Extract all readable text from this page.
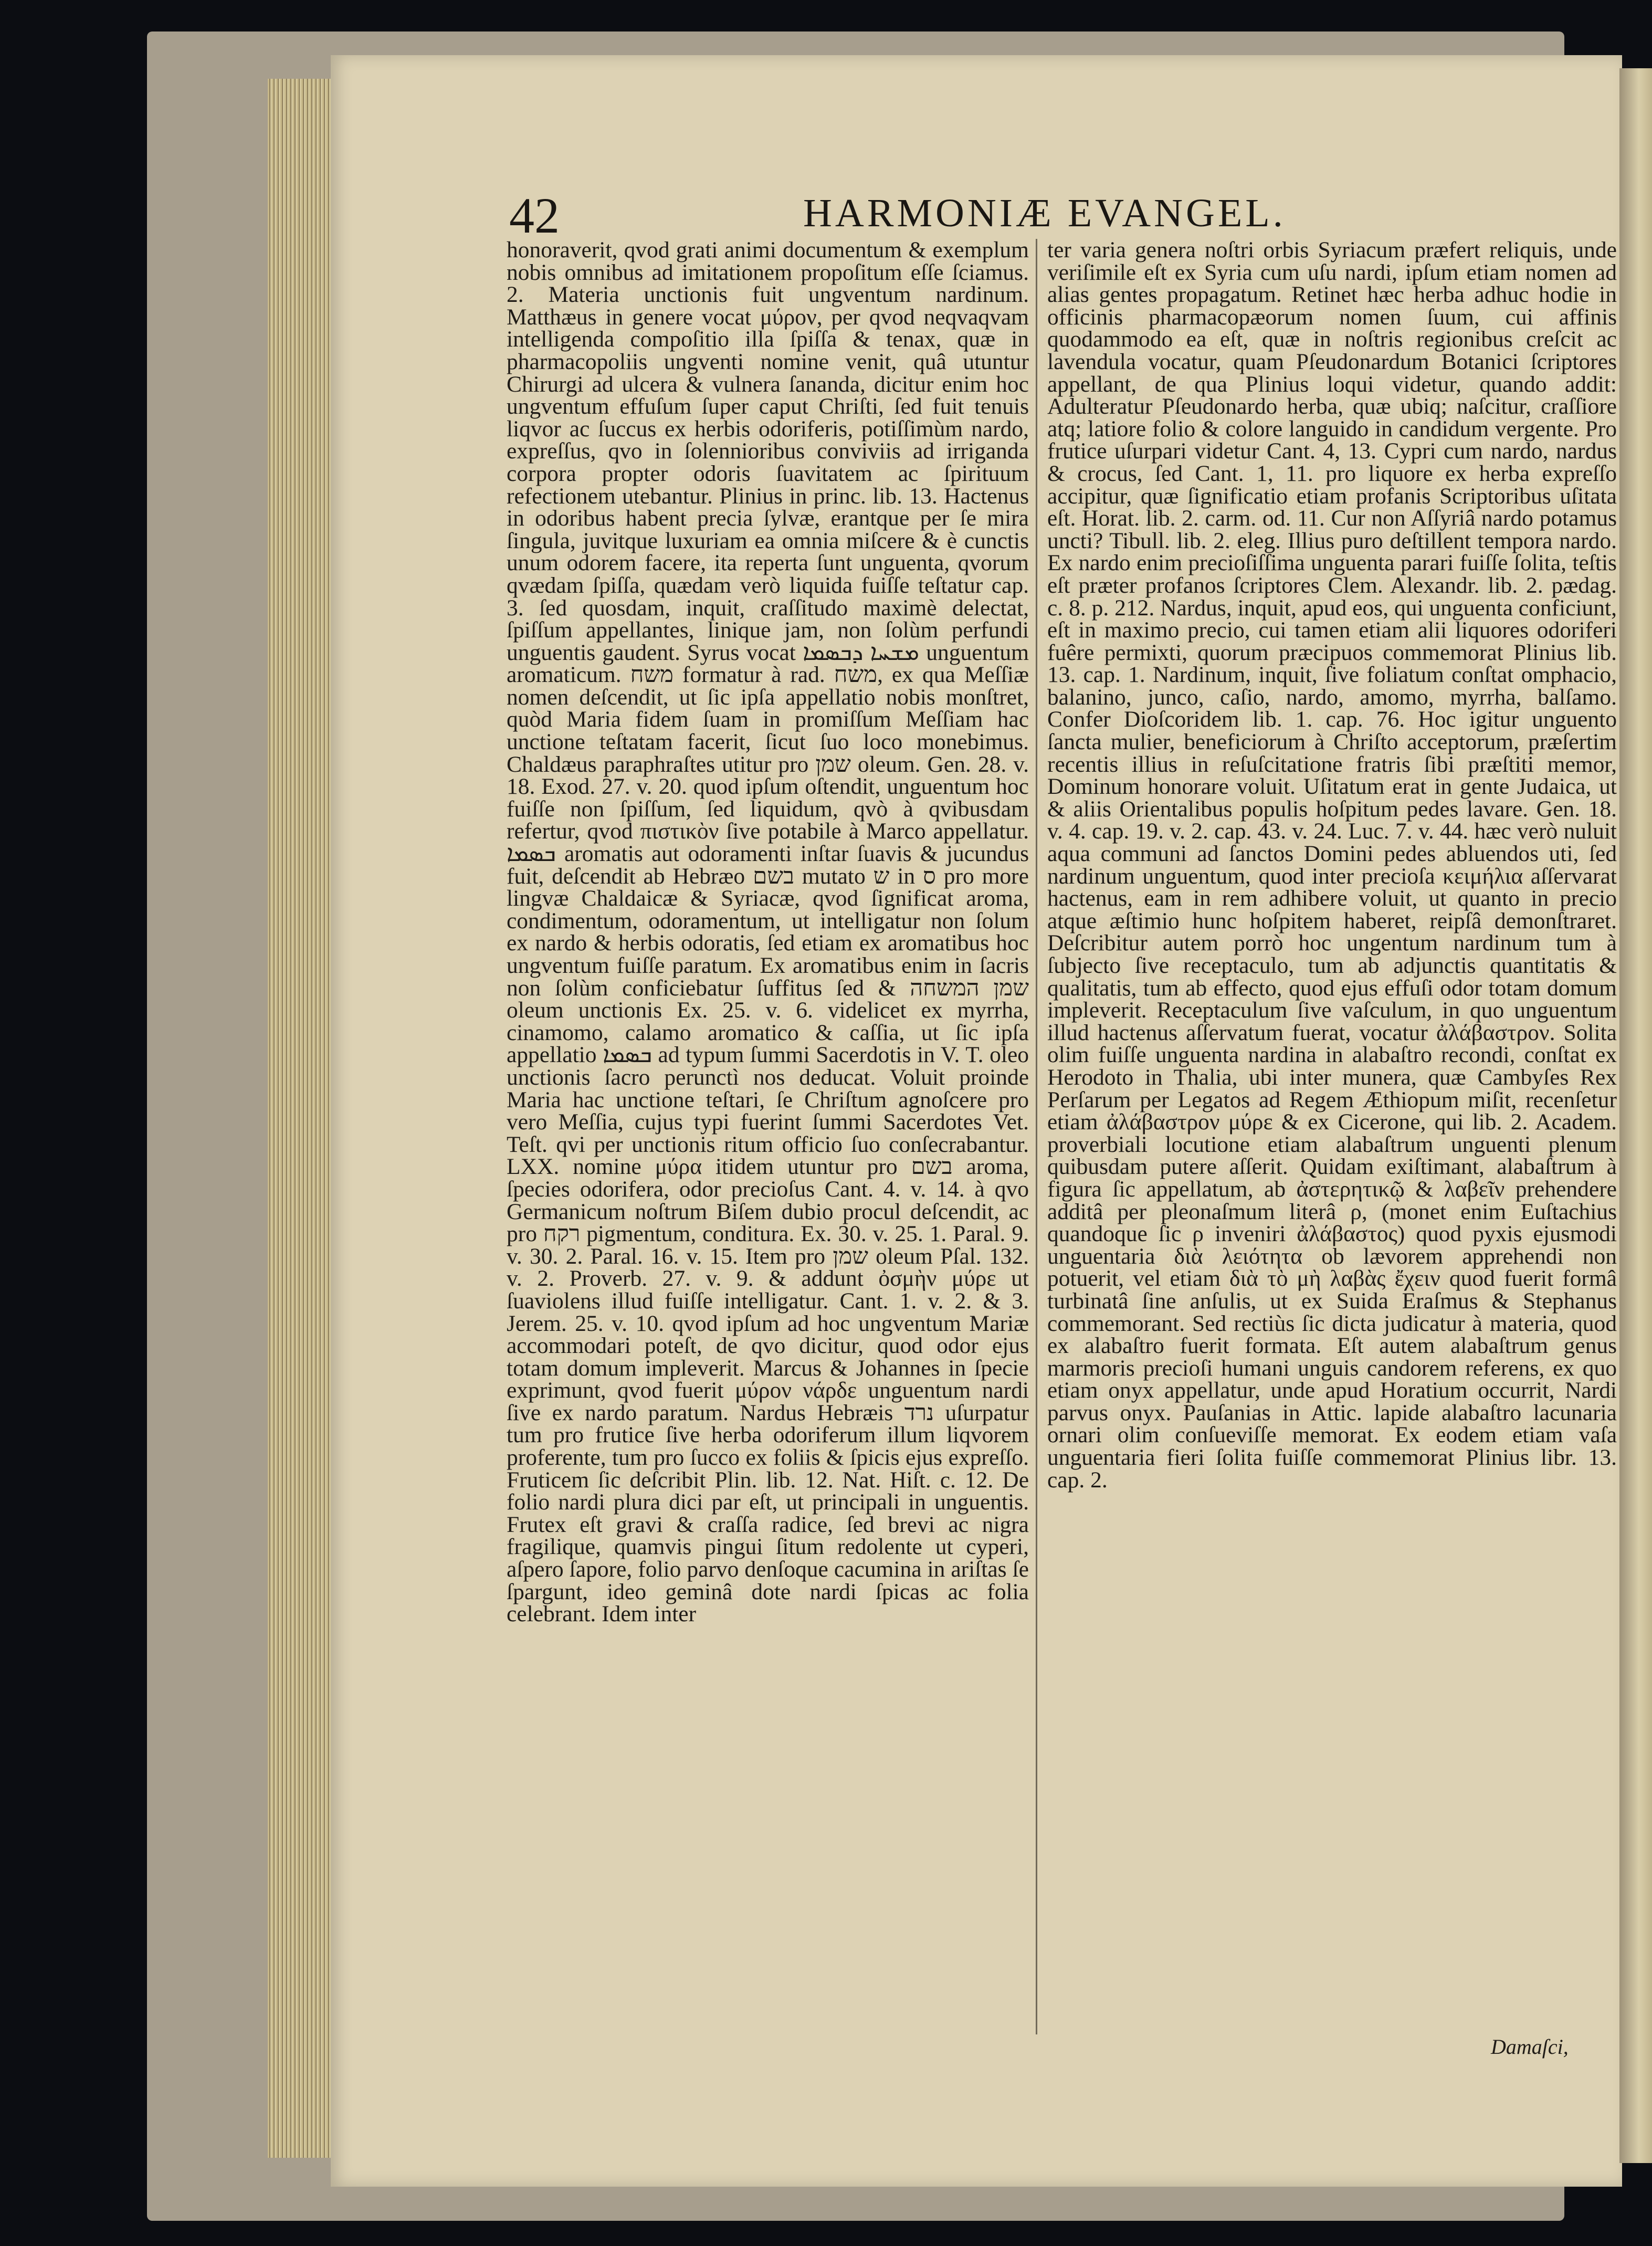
42	HARMONIÆ EVANGEL.

honoraverit, qvod grati animi documentum & exemplum nobis omnibus ad imitationem propoſitum eſſe ſciamus. 2. Materia unctionis fuit ungventum nardinum. Matthæus in genere vocat μύρον, per qvod neqvaqvam intelligenda compoſitio illa ſpiſſa & tenax, quæ in pharmacopoliis ungventi nomine venit, quâ utuntur Chirurgi ad ulcera & vulnera ſananda, dicitur enim hoc ungventum effuſum ſuper caput Chriſti, ſed fuit tenuis liqvor ac ſuccus ex herbis odoriferis, potiſſimùm nardo, expreſſus, qvo in ſolennioribus conviviis ad irriganda corpora propter odoris ſuavitatem ac ſpirituum refectionem utebantur. Plinius in princ. lib. 13. Hactenus in odoribus habent precia ſylvæ, erantque per ſe mira ſingula, juvitque luxuriam ea omnia miſcere & è cunctis unum odorem facere, ita reperta ſunt unguenta, qvorum qvædam ſpiſſa, quædam verò liquida fuiſſe teſtatur cap. 3. ſed quosdam, inquit, craſſitudo maximè delectat, ſpiſſum appellantes, linique jam, non ſolùm perfundi unguentis gaudent. Syrus vocat ܡܫܚܐ ܕܒܣܡܐ unguentum aromaticum. משח formatur à rad. משח, ex qua Meſſiæ nomen deſcendit, ut ſic ipſa appellatio nobis monſtret, quòd Maria fidem ſuam in promiſſum Meſſiam hac unctione teſtatam facerit, ſicut ſuo loco monebimus. Chaldæus paraphraſtes utitur pro שמן oleum. Gen. 28. v. 18. Exod. 27. v. 20. quod ipſum oſtendit, unguentum hoc fuiſſe non ſpiſſum, ſed liquidum, qvò à qvibusdam refertur, qvod πιστικὸν ſive potabile à Marco appellatur. ܒܣܡܐ aromatis aut odoramenti inſtar ſuavis & jucundus fuit, deſcendit ab Hebræo בשם mutato ש in ס pro more lingvæ Chaldaicæ & Syriacæ, qvod ſignificat aroma, condimentum, odoramentum, ut intelligatur non ſolum ex nardo & herbis odoratis, ſed etiam ex aromatibus hoc ungventum fuiſſe paratum. Ex aromatibus enim in ſacris non ſolùm conficiebatur ſuffitus ſed & שמן המשחה oleum unctionis Ex. 25. v. 6. videlicet ex myrrha, cinamomo, calamo aromatico & caſſia, ut ſic ipſa appellatio ܒܣܡܐ ad typum ſummi Sacerdotis in V. T. oleo unctionis ſacro perunctì nos deducat. Voluit proinde Maria hac unctione teſtari, ſe Chriſtum agnoſcere pro vero Meſſia, cujus typi fuerint ſummi Sacerdotes Vet. Teſt. qvi per unctionis ritum officio ſuo conſecrabantur. LXX. nomine μύρα itidem utuntur pro בשם aroma, ſpecies odorifera, odor precioſus Cant. 4. v. 14. à qvo Germanicum noſtrum Biſem dubio procul deſcendit, ac pro רקח pigmentum, conditura. Ex. 30. v. 25. 1. Paral. 9. v. 30. 2. Paral. 16. v. 15. Item pro שמן oleum Pſal. 132. v. 2. Proverb. 27. v. 9. & addunt ὀσμὴν μύρε ut ſuaviolens illud fuiſſe intelligatur. Cant. 1. v. 2. & 3. Jerem. 25. v. 10. qvod ipſum ad hoc ungventum Mariæ accommodari poteſt, de qvo dicitur, quod odor ejus totam domum impleverit. Marcus & Johannes in ſpecie exprimunt, qvod fuerit μύρον νάρδε unguentum nardi ſive ex nardo paratum. Nardus Hebræis נרד uſurpatur tum pro frutice ſive herba odoriferum illum liqvorem proferente, tum pro ſucco ex foliis & ſpicis ejus expreſſo. Fruticem ſic deſcribit Plin. lib. 12. Nat. Hiſt. c. 12. De folio nardi plura dici par eſt, ut principali in unguentis. Frutex eſt gravi & craſſa radice, ſed brevi ac nigra fragilique, quamvis pingui ſitum redolente ut cyperi, aſpero ſapore, folio parvo denſoque cacumina in ariſtas ſe ſpargunt, ideo geminâ dote nardi ſpicas ac folia celebrant. Idem inter

ter varia genera noſtri orbis Syriacum præfert reliquis, unde veriſimile eſt ex Syria cum uſu nardi, ipſum etiam nomen ad alias gentes propagatum. Retinet hæc herba adhuc hodie in officinis pharmacopæorum nomen ſuum, cui affinis quodammodo ea eſt, quæ in noſtris regionibus creſcit ac lavendula vocatur, quam Pſeudonardum Botanici ſcriptores appellant, de qua Plinius loqui videtur, quando addit: Adulteratur Pſeudonardo herba, quæ ubiq; naſcitur, craſſiore atq; latiore folio & colore languido in candidum vergente. Pro frutice uſurpari videtur Cant. 4, 13. Cypri cum nardo, nardus & crocus, ſed Cant. 1, 11. pro liquore ex herba expreſſo accipitur, quæ ſignificatio etiam profanis Scriptoribus uſitata eſt. Horat. lib. 2. carm. od. 11. Cur non Aſſyriâ nardo potamus uncti? Tibull. lib. 2. eleg. Illius puro deſtillent tempora nardo. Ex nardo enim precioſiſſima unguenta parari fuiſſe ſolita, teſtis eſt præter profanos ſcriptores Clem. Alexandr. lib. 2. pædag. c. 8. p. 212. Nardus, inquit, apud eos, qui unguenta conficiunt, eſt in maximo precio, cui tamen etiam alii liquores odoriferi fuêre permixti, quorum præcipuos commemorat Plinius lib. 13. cap. 1. Nardinum, inquit, ſive foliatum conſtat omphacio, balanino, junco, caſio, nardo, amomo, myrrha, balſamo. Confer Dioſcoridem lib. 1. cap. 76. Hoc igitur unguento ſancta mulier, beneficiorum à Chriſto acceptorum, præſertim recentis illius in reſuſcitatione fratris ſibi præſtiti memor, Dominum honorare voluit. Uſitatum erat in gente Judaica, ut & aliis Orientalibus populis hoſpitum pedes lavare. Gen. 18. v. 4. cap. 19. v. 2. cap. 43. v. 24. Luc. 7. v. 44. hæc verò nuluit aqua communi ad ſanctos Domini pedes abluendos uti, ſed nardinum unguentum, quod inter precioſa κειμήλια aſſervarat hactenus, eam in rem adhibere voluit, ut quanto in precio atque æſtimio hunc hoſpitem haberet, reipſâ demonſtraret. Deſcribitur autem porrò hoc ungentum nardinum tum à ſubjecto ſive receptaculo, tum ab adjunctis quantitatis & qualitatis, tum ab effecto, quod ejus effuſi odor totam domum impleverit. Receptaculum ſive vaſculum, in quo unguentum illud hactenus aſſervatum fuerat, vocatur ἀλάβαστρον. Solita olim fuiſſe unguenta nardina in alabaſtro recondi, conſtat ex Herodoto in Thalia, ubi inter munera, quæ Cambyſes Rex Perſarum per Legatos ad Regem Æthiopum miſit, recenſetur etiam ἀλάβαστρον μύρε & ex Cicerone, qui lib. 2. Academ. proverbiali locutione etiam alabaſtrum unguenti plenum quibusdam putere aſſerit. Quidam exiſtimant, alabaſtrum à figura ſic appellatum, ab ἀστερητικῷ & λαβεῖν prehendere additâ per pleonaſmum literâ ρ, (monet enim Euſtachius quandoque ſic ρ inveniri ἀλάβαστος) quod pyxis ejusmodi unguentaria διὰ λειότητα ob lævorem apprehendi non potuerit, vel etiam διὰ τὸ μὴ λαβὰς ἔχειν quod fuerit formâ turbinatâ ſine anſulis, ut ex Suida Eraſmus & Stephanus commemorant. Sed rectiùs ſic dicta judicatur à materia, quod ex alabaſtro fuerit formata. Eſt autem alabaſtrum genus marmoris precioſi humani unguis candorem referens, ex quo etiam onyx appellatur, unde apud Horatium occurrit, Nardi parvus onyx. Pauſanias in Attic. lapide alabaſtro lacunaria ornari olim conſueviſſe memorat. Ex eodem etiam vaſa unguentaria fieri ſolita fuiſſe commemorat Plinius libr. 13. cap. 2.

Damaſci,
